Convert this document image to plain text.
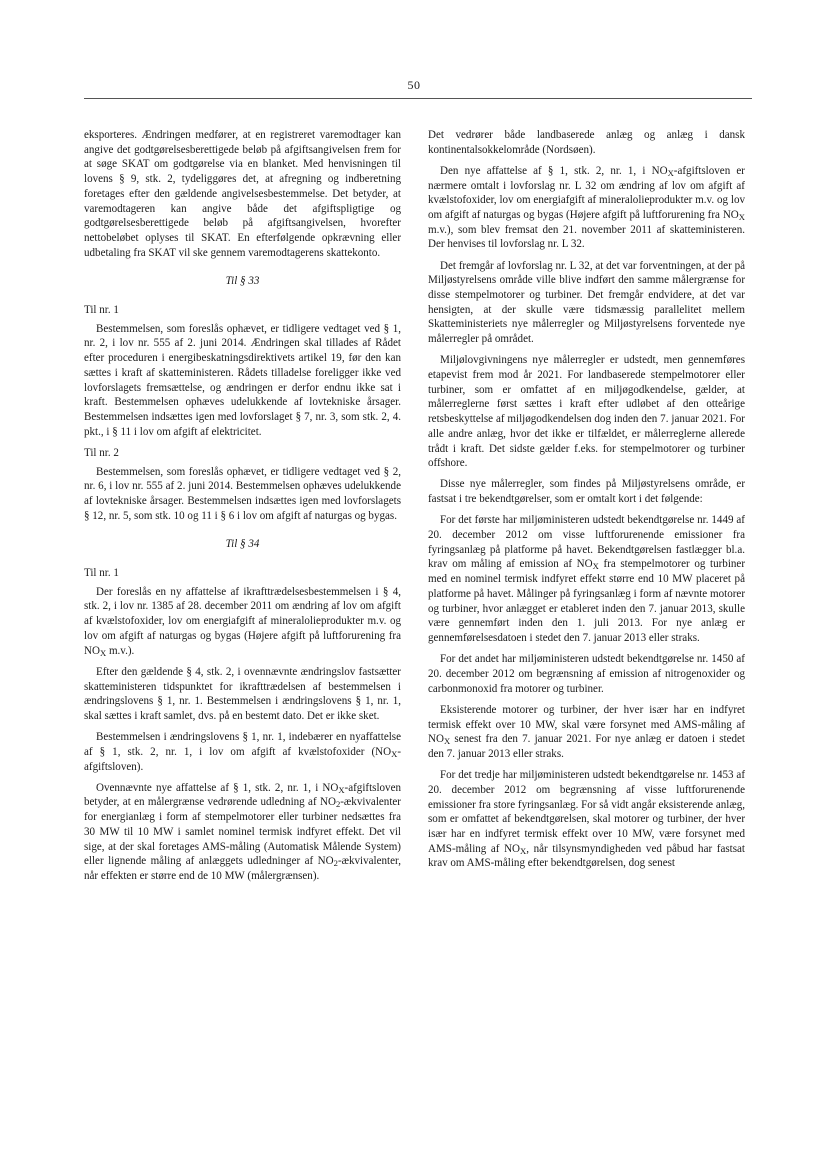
50

eksporteres. Ændringen medfører, at en registreret varemodtager kan angive det godtgørelsesberettigede beløb på afgiftsangivelsen frem for at søge SKAT om godtgørelse via en blanket. Med henvisningen til lovens § 9, stk. 2, tydeliggøres det, at afregning og indberetning foretages efter den gældende angivelsesbestemmelse. Det betyder, at varemodtageren kan angive både det afgiftspligtige og godtgørelsesberettigede beløb på afgiftsangivelsen, hvorefter nettobeløbet oplyses til SKAT. En efterfølgende opkrævning eller udbetaling fra SKAT vil ske gennem varemodtagerens skattekonto.

Til § 33

Til nr. 1

Bestemmelsen, som foreslås ophævet, er tidligere vedtaget ved § 1, nr. 2, i lov nr. 555 af 2. juni 2014. Ændringen skal tillades af Rådet efter proceduren i energibeskatningsdirektivets artikel 19, før den kan sættes i kraft af skatteministeren. Rådets tilladelse foreligger ikke ved lovforslagets fremsættelse, og ændringen er derfor endnu ikke sat i kraft. Bestemmelsen ophæves udelukkende af lovtekniske årsager. Bestemmelsen indsættes igen med lovforslaget § 7, nr. 3, som stk. 2, 4. pkt., i § 11 i lov om afgift af elektricitet.

Til nr. 2

Bestemmelsen, som foreslås ophævet, er tidligere vedtaget ved § 2, nr. 6, i lov nr. 555 af 2. juni 2014. Bestemmelsen ophæves udelukkende af lovtekniske årsager. Bestemmelsen indsættes igen med lovforslagets § 12, nr. 5, som stk. 10 og 11 i § 6 i lov om afgift af naturgas og bygas.

Til § 34

Til nr. 1

Der foreslås en ny affattelse af ikrafttrædelsesbestemmelsen i § 4, stk. 2, i lov nr. 1385 af 28. december 2011 om ændring af lov om afgift af kvælstofoxider, lov om energiafgift af mineralolieprodukter m.v. og lov om afgift af naturgas og bygas (Højere afgift på luftforurening fra NOX m.v.).

Efter den gældende § 4, stk. 2, i ovennævnte ændringslov fastsætter skatteministeren tidspunktet for ikrafttrædelsen af bestemmelsen i ændringslovens § 1, nr. 1. Bestemmelsen i ændringslovens § 1, nr. 1, skal sættes i kraft samlet, dvs. på en bestemt dato. Det er ikke sket.

Bestemmelsen i ændringslovens § 1, nr. 1, indebærer en nyaffattelse af § 1, stk. 2, nr. 1, i lov om afgift af kvælstofoxider (NOX-afgiftsloven).

Ovennævnte nye affattelse af § 1, stk. 2, nr. 1, i NOX-afgiftsloven betyder, at en målergrænse vedrørende udledning af NO2-ækvivalenter for energianlæg i form af stempelmotorer eller turbiner nedsættes fra 30 MW til 10 MW i samlet nominel termisk indfyret effekt. Det vil sige, at der skal foretages AMS-måling (Automatisk Målende System) eller lignende måling af anlæggets udledninger af NO2-ækvivalenter, når effekten er større end de 10 MW (målergrænsen).

Det vedrører både landbaserede anlæg og anlæg i dansk kontinentalsokkelområde (Nordsøen).

Den nye affattelse af § 1, stk. 2, nr. 1, i NOX-afgiftsloven er nærmere omtalt i lovforslag nr. L 32 om ændring af lov om afgift af kvælstofoxider, lov om energiafgift af mineralolieprodukter m.v. og lov om afgift af naturgas og bygas (Højere afgift på luftforurening fra NOX m.v.), som blev fremsat den 21. november 2011 af skatteministeren. Der henvises til lovforslag nr. L 32.

Det fremgår af lovforslag nr. L 32, at det var forventningen, at der på Miljøstyrelsens område ville blive indført den samme målergrænse for disse stempelmotorer og turbiner. Det fremgår endvidere, at det var hensigten, at der skulle være tidsmæssig parallelitet mellem Skatteministeriets nye målerregler og Miljøstyrelsens forventede nye målerregler på området.

Miljølovgivningens nye målerregler er udstedt, men gennemføres etapevist frem mod år 2021. For landbaserede stempelmotorer eller turbiner, som er omfattet af en miljøgodkendelse, gælder, at målerreglerne først sættes i kraft efter udløbet af den otteårige retsbeskyttelse af miljøgodkendelsen dog inden den 7. januar 2021. For alle andre anlæg, hvor det ikke er tilfældet, er målerreglerne allerede trådt i kraft. Det sidste gælder f.eks. for stempelmotorer og turbiner offshore.

Disse nye målerregler, som findes på Miljøstyrelsens område, er fastsat i tre bekendtgørelser, som er omtalt kort i det følgende:

For det første har miljøministeren udstedt bekendtgørelse nr. 1449 af 20. december 2012 om visse luftforurenende emissioner fra fyringsanlæg på platforme på havet. Bekendtgørelsen fastlægger bl.a. krav om måling af emission af NOX fra stempelmotorer og turbiner med en nominel termisk indfyret effekt større end 10 MW placeret på platforme på havet. Målinger på fyringsanlæg i form af nævnte motorer og turbiner, hvor anlægget er etableret inden den 7. januar 2013, skulle være gennemført inden den 1. juli 2013. For nye anlæg er gennemførelsesdatoen i stedet den 7. januar 2013 eller straks.

For det andet har miljøministeren udstedt bekendtgørelse nr. 1450 af 20. december 2012 om begrænsning af emission af nitrogenoxider og carbonmonoxid fra motorer og turbiner.

Eksisterende motorer og turbiner, der hver især har en indfyret termisk effekt over 10 MW, skal være forsynet med AMS-måling af NOX senest fra den 7. januar 2021. For nye anlæg er datoen i stedet den 7. januar 2013 eller straks.

For det tredje har miljøministeren udstedt bekendtgørelse nr. 1453 af 20. december 2012 om begrænsning af visse luftforurenende emissioner fra store fyringsanlæg. For så vidt angår eksisterende anlæg, som er omfattet af bekendtgørelsen, skal motorer og turbiner, der hver især har en indfyret termisk effekt over 10 MW, være forsynet med AMS-måling af NOX, når tilsynsmyndigheden ved påbud har fastsat krav om AMS-måling efter bekendtgørelsen, dog senest
